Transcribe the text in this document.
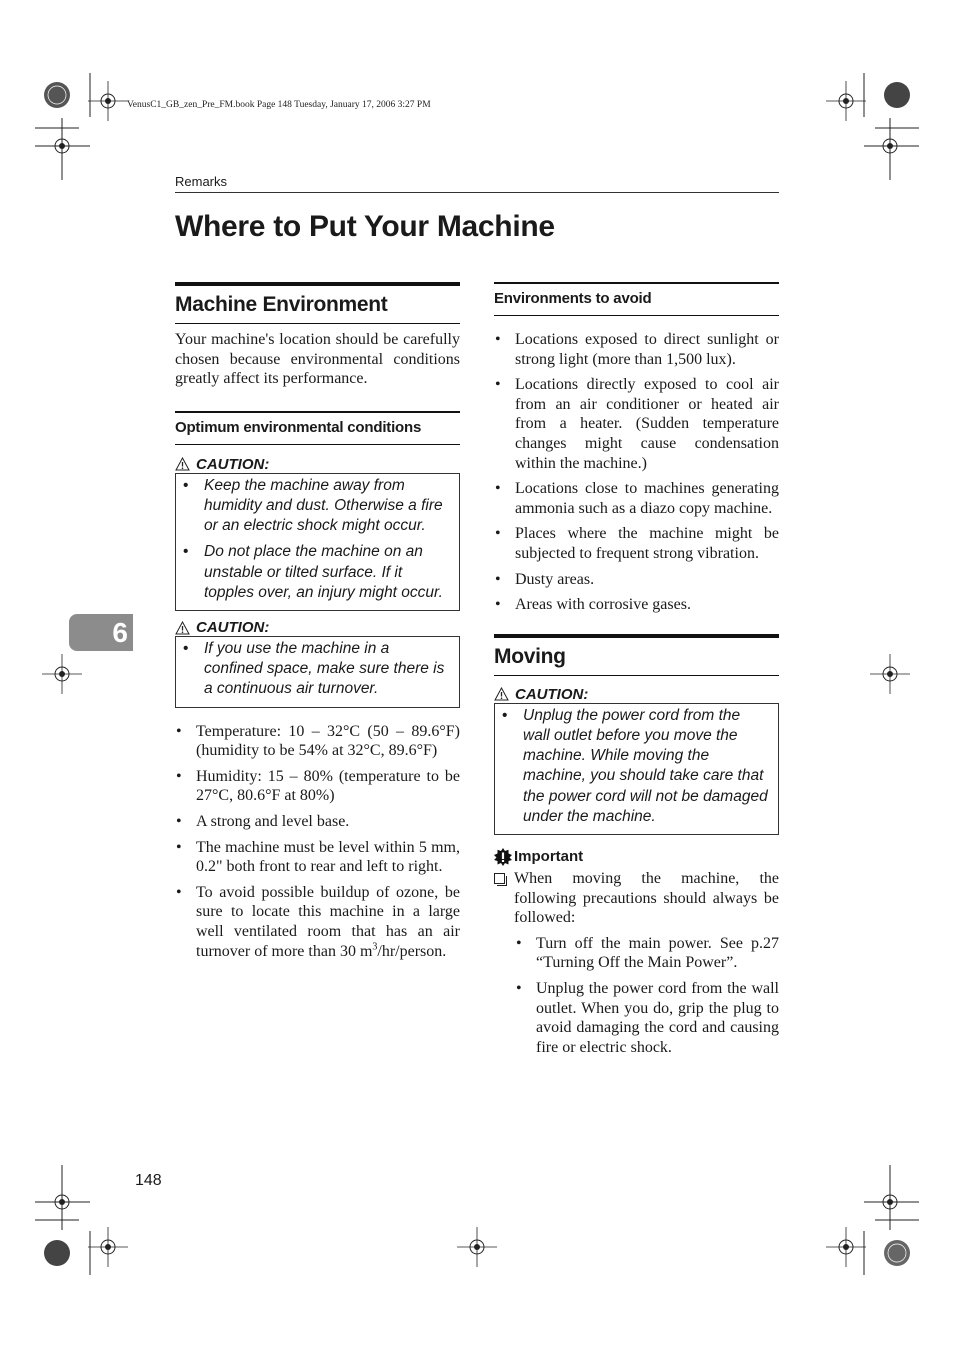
VenusC1_GB_zen_Pre_FM.book Page 148 Tuesday, January 17, 2006 3:27 PM
Remarks
Where to Put Your Machine
6
Machine Environment

Your machine's location should be carefully chosen because environmental conditions greatly affect its performance.

Optimum environmental conditions
CAUTION:
• Keep the machine away from humidity and dust. Otherwise a fire or an electric shock might occur.
• Do not place the machine on an unstable or tilted surface. If it topples over, an injury might occur.
CAUTION:
• If you use the machine in a confined space, make sure there is a continuous air turnover.
• Temperature: 10 – 32°C (50 – 89.6°F) (humidity to be 54% at 32°C, 89.6°F)
• Humidity: 15 – 80% (temperature to be 27°C, 80.6°F at 80%)
• A strong and level base.
• The machine must be level within 5 mm, 0.2" both front to rear and left to right.
• To avoid possible buildup of ozone, be sure to locate this machine in a large well ventilated room that has an air turnover of more than 30 $m^3/hr$/person.
Environments to avoid
• Locations exposed to direct sunlight or strong light (more than 1,500 lux).
• Locations directly exposed to cool air from an air conditioner or heated air from a heater. (Sudden temperature changes might cause condensation within the machine.)
• Locations close to machines generating ammonia such as a diazo copy machine.
• Places where the machine might be subjected to frequent strong vibration.
• Dusty areas.
• Areas with corrosive gases.
Moving
CAUTION:
• Unplug the power cord from the wall outlet before you move the machine. While moving the machine, you should take care that the power cord will not be damaged under the machine.
Important

When moving the machine, the following precautions should always be followed:

• Turn off the main power. See p.27 “Turning Off the Main Power”.
• Unplug the power cord from the wall outlet. When you do, grip the plug to avoid damaging the cord and causing fire or electric shock.
148
